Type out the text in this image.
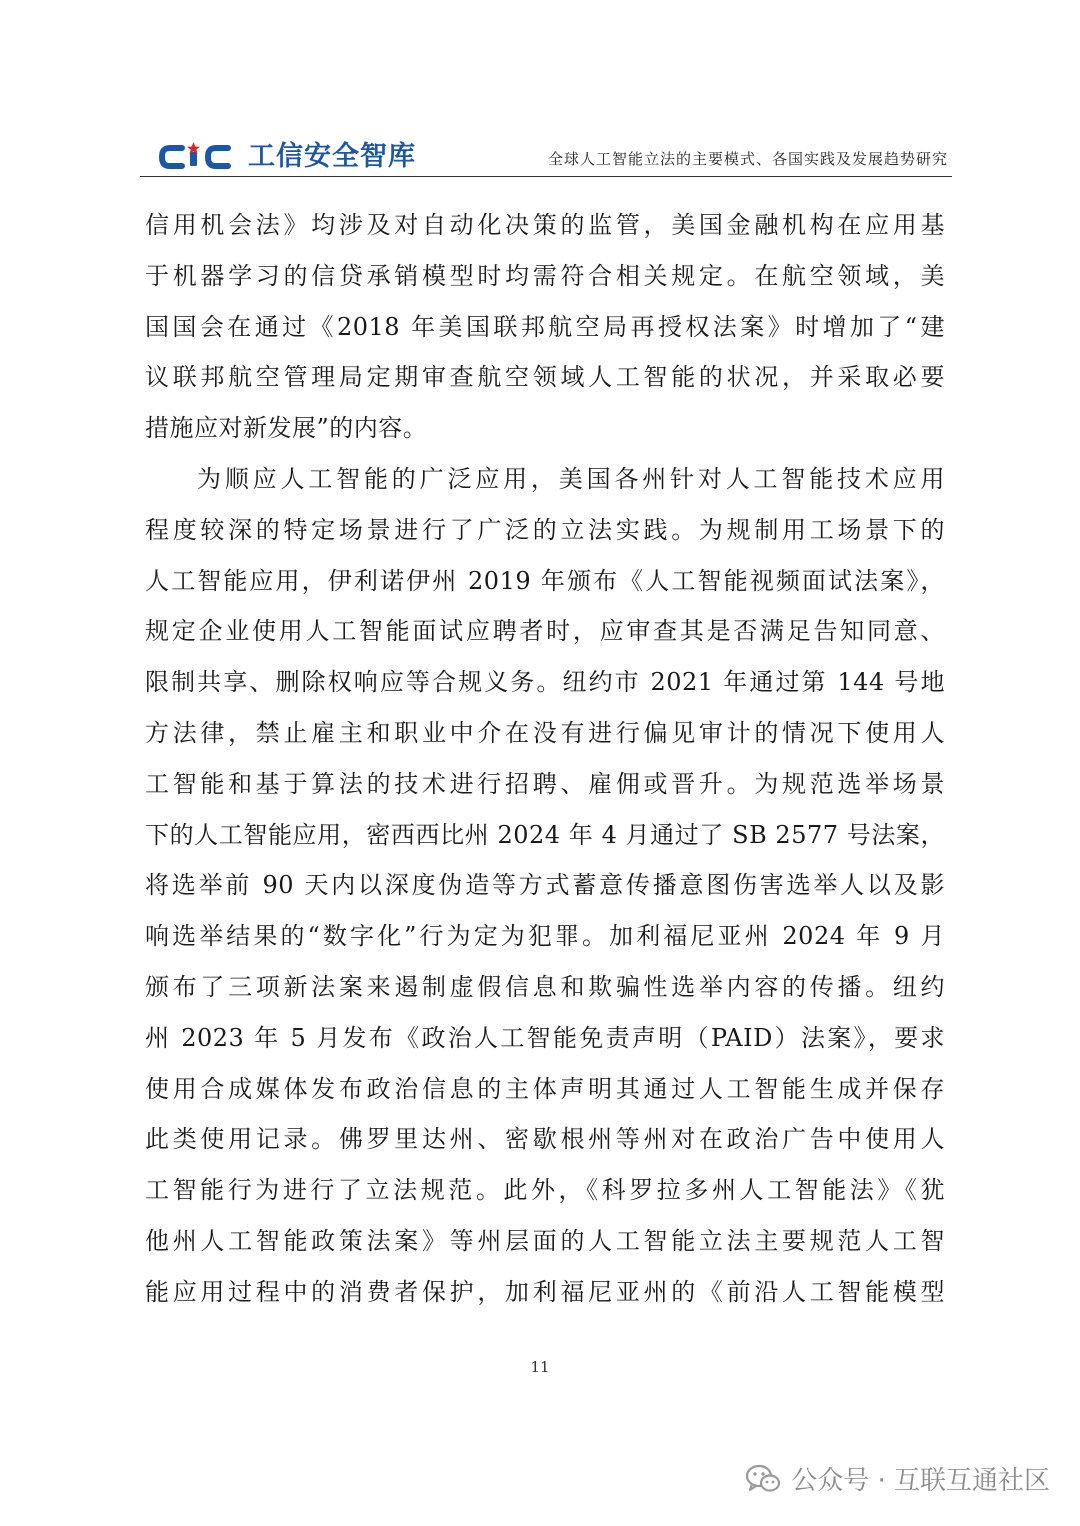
工信安全智库	全球人工智能立法的主要模式、各国实践及发展趋势研究
信用机会法》均涉及对自动化决策的监管，美国金融机构在应用基
于机器学习的信贷承销模型时均需符合相关规定。在航空领域，美
国国会在通过《2018 年美国联邦航空局再授权法案》时增加了“建
议联邦航空管理局定期审查航空领域人工智能的状况，并采取必要
措施应对新发展”的内容。
为顺应人工智能的广泛应用，美国各州针对人工智能技术应用
程度较深的特定场景进行了广泛的立法实践。为规制用工场景下的
人工智能应用，伊利诺伊州 2019 年颁布《人工智能视频面试法案》，
规定企业使用人工智能面试应聘者时，应审查其是否满足告知同意、
限制共享、删除权响应等合规义务。纽约市 2021 年通过第 144 号地
方法律，禁止雇主和职业中介在没有进行偏见审计的情况下使用人
工智能和基于算法的技术进行招聘、雇佣或晋升。为规范选举场景
下的人工智能应用，密西西比州 2024 年 4 月通过了 SB 2577 号法案，
将选举前 90 天内以深度伪造等方式蓄意传播意图伤害选举人以及影
响选举结果的“数字化”行为定为犯罪。加利福尼亚州 2024 年 9 月
颁布了三项新法案来遏制虚假信息和欺骗性选举内容的传播。纽约
州 2023 年 5 月发布《政治人工智能免责声明（PAID）法案》，要求
使用合成媒体发布政治信息的主体声明其通过人工智能生成并保存
此类使用记录。佛罗里达州、密歇根州等州对在政治广告中使用人
工智能行为进行了立法规范。此外，《科罗拉多州人工智能法》《犹
他州人工智能政策法案》等州层面的人工智能立法主要规范人工智
能应用过程中的消费者保护，加利福尼亚州的《前沿人工智能模型
11
公众号 · 互联互通社区
